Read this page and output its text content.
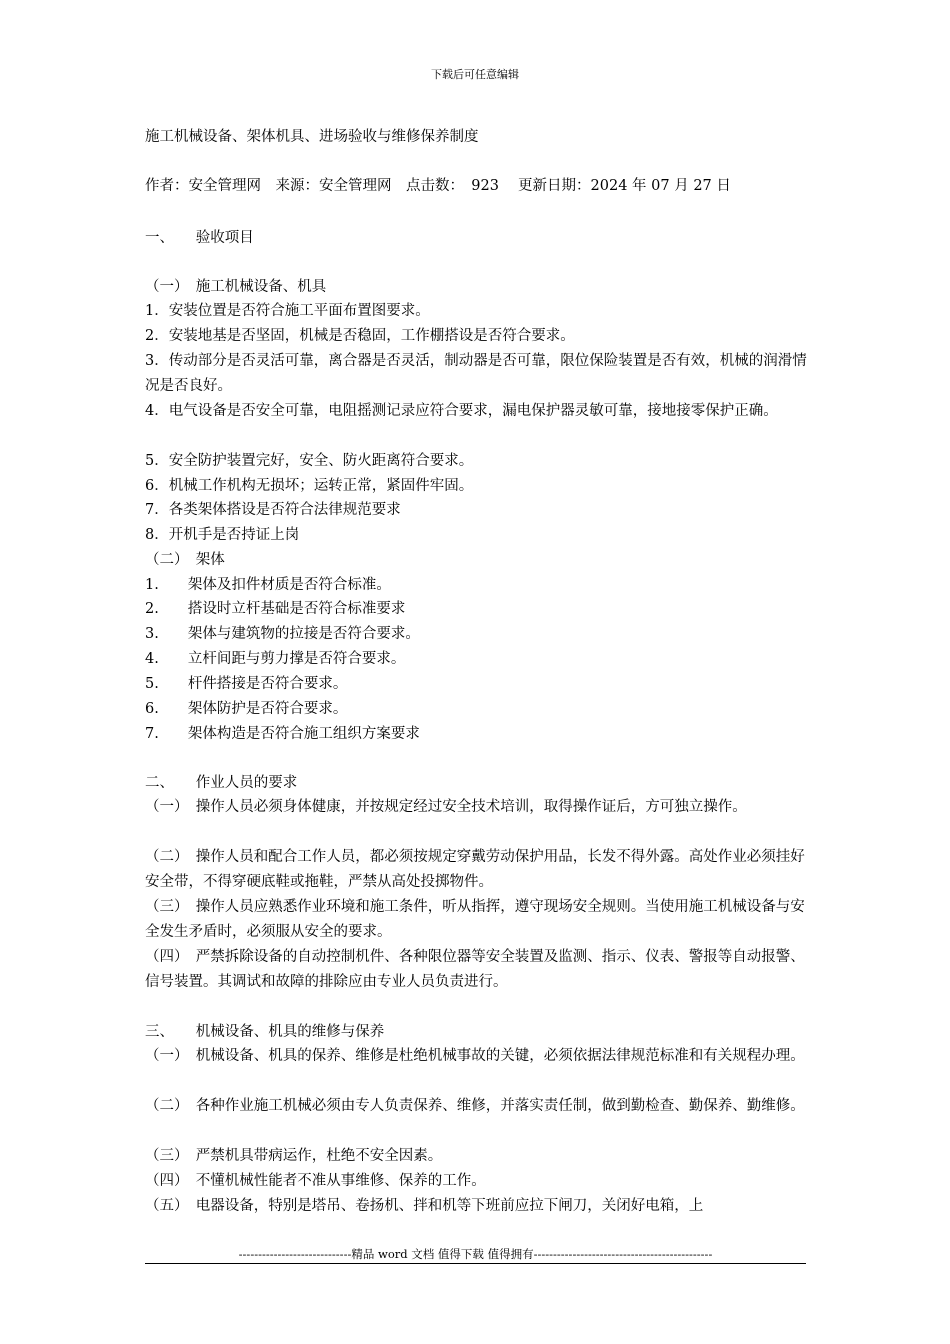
下载后可任意编辑
施工机械设备、架体机具、进场验收与维修保养制度
作者：安全管理网　来源：安全管理网　点击数：　923　 更新日期：2024 年 07 月 27 日
一、　　验收项目
（一）　施工机械设备、机具
1．安装位置是否符合施工平面布置图要求。
2．安装地基是否坚固，机械是否稳固，工作棚搭设是否符合要求。
3．传动部分是否灵活可靠，离合器是否灵活，制动器是否可靠，限位保险装置是否有效，机械的润滑情况是否良好。
4．电气设备是否安全可靠，电阻摇测记录应符合要求，漏电保护器灵敏可靠，接地接零保护正确。
5．安全防护装置完好，安全、防火距离符合要求。
6．机械工作机构无损坏；运转正常，紧固件牢固。
7．各类架体搭设是否符合法律规范要求
8．开机手是否持证上岗
（二）　架体
1.　　架体及扣件材质是否符合标准。
2.　　搭设时立杆基础是否符合标准要求
3.　　架体与建筑物的拉接是否符合要求。
4.　　立杆间距与剪力撑是否符合要求。
5.　　杆件搭接是否符合要求。
6.　　架体防护是否符合要求。
7.　　架体构造是否符合施工组织方案要求
二、　　作业人员的要求
（一）　操作人员必须身体健康，并按规定经过安全技术培训，取得操作证后，方可独立操作。
（二）　操作人员和配合工作人员，都必须按规定穿戴劳动保护用品，长发不得外露。高处作业必须挂好安全带，不得穿硬底鞋或拖鞋，严禁从高处投掷物件。
（三）　操作人员应熟悉作业环境和施工条件，听从指挥，遵守现场安全规则。当使用施工机械设备与安全发生矛盾时，必须服从安全的要求。
（四）　严禁拆除设备的自动控制机件、各种限位器等安全装置及监测、指示、仪表、警报等自动报警、信号装置。其调试和故障的排除应由专业人员负责进行。
三、　　机械设备、机具的维修与保养
（一）　机械设备、机具的保养、维修是杜绝机械事故的关键，必须依据法律规范标准和有关规程办理。
（二）　各种作业施工机械必须由专人负责保养、维修，并落实责任制，做到勤检查、勤保养、勤维修。
（三）　严禁机具带病运作，杜绝不安全因素。
（四）　不懂机械性能者不准从事维修、保养的工作。
（五）　电器设备，特别是塔吊、卷扬机、拌和机等下班前应拉下闸刀，关闭好电箱，上
-----------------------------精品 word 文档 值得下载 值得拥有----------------------------------------------
